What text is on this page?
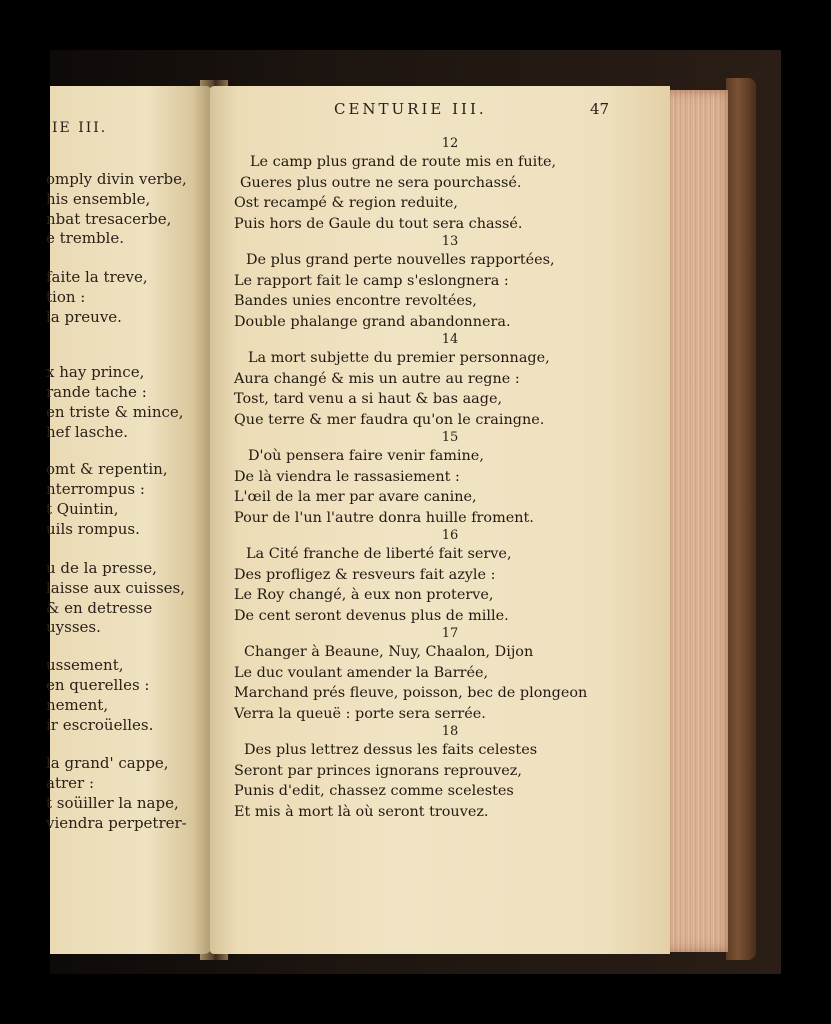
IE III.
omply divin verbe,
his ensemble,
nbat tresacerbe,
e tremble.
faite la treve,
tion :
la preuve.
x hay prince,
rande tache :
en triste & mince,
hef lasche.
omt & repentin,
nterrompus :
t Quintin,
uils rompus.
u de la presse,
laisse aux cuisses,
& en detresse
uysses.
ussement,
en querelles :
nement,
ir escroüelles.
la grand' cappe,
atrer :
t soüiller la nape,
viendra perpetrer-
CENTURIE III.	47
12
Le camp plus grand de route mis en fuite,
Gueres plus outre ne sera pourchassé.
Ost recampé & region reduite,
Puis hors de Gaule du tout sera chassé.
13
De plus grand perte nouvelles rapportées,
Le rapport fait le camp s'eslongnera :
Bandes unies encontre revoltées,
Double phalange grand abandonnera.
14
La mort subjette du premier personnage,
Aura changé & mis un autre au regne :
Tost, tard venu a si haut & bas aage,
Que terre & mer faudra qu'on le craingne.
15
D'où pensera faire venir famine,
De là viendra le rassasiement :
L'œil de la mer par avare canine,
Pour de l'un l'autre donra huille froment.
16
La Cité franche de liberté fait serve,
Des profligez & resveurs fait azyle :
Le Roy changé, à eux non proterve,
De cent seront devenus plus de mille.
17
Changer à Beaune, Nuy, Chaalon, Dijon
Le duc voulant amender la Barrée,
Marchand prés fleuve, poisson, bec de plongeon
Verra la queuë : porte sera serrée.
18
Des plus lettrez dessus les faits celestes
Seront par princes ignorans reprouvez,
Punis d'edit, chassez comme scelestes
Et mis à mort là où seront trouvez.
